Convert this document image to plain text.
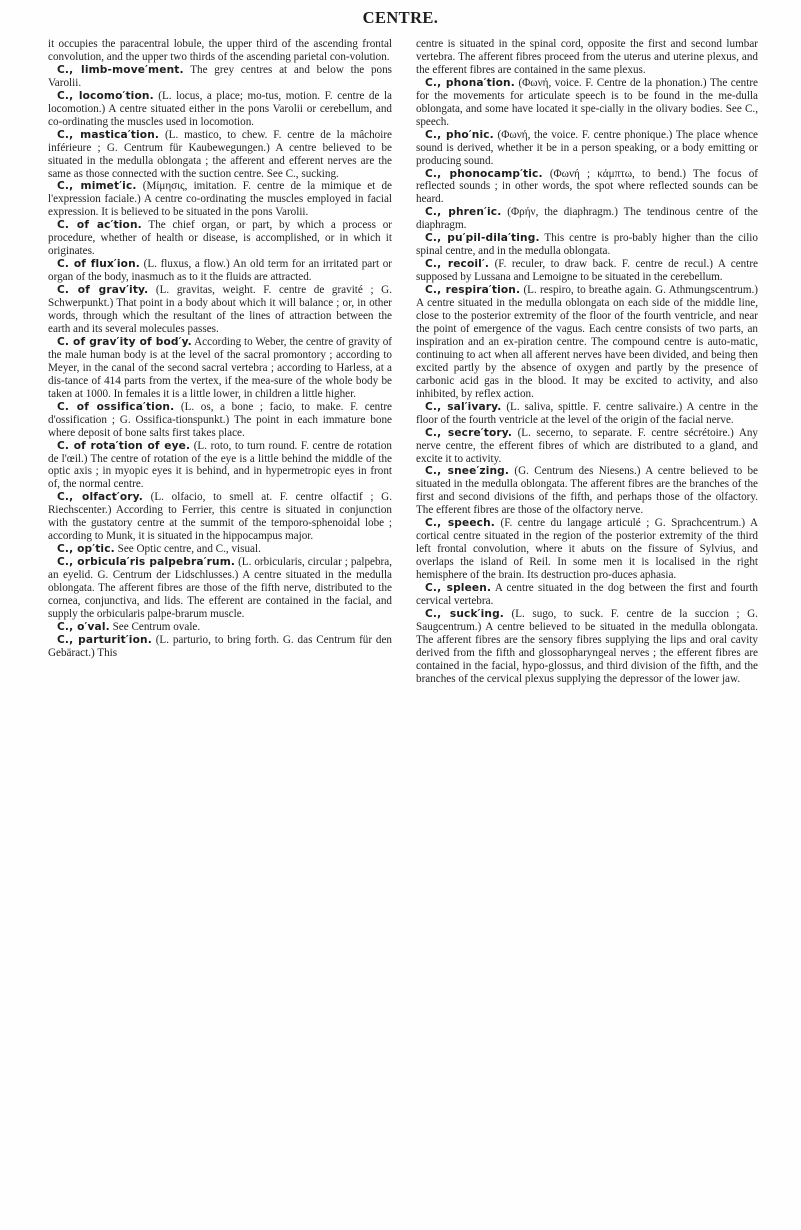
CENTRE.

it occupies the paracentral lobule, the upper third of the ascending frontal convolution, and the upper two thirds of the ascending parietal con-volution.

C., limb-move′ment. The grey centres at and below the pons Varolii.

C., locomo′tion. (L. locus, a place; mo-tus, motion. F. centre de la locomotion.) A centre situated either in the pons Varolii or cerebellum, and co-ordinating the muscles used in locomotion.

C., mastica′tion. (L. mastico, to chew. F. centre de la mâchoire inférieure ; G. Centrum für Kaubewegungen.) A centre believed to be situated in the medulla oblongata ; the afferent and efferent nerves are the same as those connected with the suction centre. See C., sucking.

C., mimet′ic. (Μίμησις, imitation. F. centre de la mimique et de l'expression faciale.) A centre co-ordinating the muscles employed in facial expression. It is believed to be situated in the pons Varolii.

C. of ac′tion. The chief organ, or part, by which a process or procedure, whether of health or disease, is accomplished, or in which it originates.

C. of flux′ion. (L. fluxus, a flow.) An old term for an irritated part or organ of the body, inasmuch as to it the fluids are attracted.

C. of grav′ity. (L. gravitas, weight. F. centre de gravité ; G. Schwerpunkt.) That point in a body about which it will balance ; or, in other words, through which the resultant of the lines of attraction between the earth and its several molecules passes.

C. of grav′ity of bod′y. According to Weber, the centre of gravity of the male human body is at the level of the sacral promontory ; according to Meyer, in the canal of the second sacral vertebra ; according to Harless, at a dis-tance of 414 parts from the vertex, if the mea-sure of the whole body be taken at 1000. In females it is a little lower, in children a little higher.

C. of ossifica′tion. (L. os, a bone ; facio, to make. F. centre d'ossification ; G. Ossifica-tionspunkt.) The point in each immature bone where deposit of bone salts first takes place.

C. of rota′tion of eye. (L. roto, to turn round. F. centre de rotation de l'œil.) The centre of rotation of the eye is a little behind the middle of the optic axis ; in myopic eyes it is behind, and in hypermetropic eyes in front of, the normal centre.

C., olfact′ory. (L. olfacio, to smell at. F. centre olfactif ; G. Riechscenter.) According to Ferrier, this centre is situated in conjunction with the gustatory centre at the summit of the temporo-sphenoidal lobe ; according to Munk, it is situated in the hippocampus major.

C., op′tic. See Optic centre, and C., visual.

C., orbicula′ris palpebra′rum. (L. orbicularis, circular ; palpebra, an eyelid. G. Centrum der Lidschlusses.) A centre situated in the medulla oblongata. The afferent fibres are those of the fifth nerve, distributed to the cornea, conjunctiva, and lids. The efferent are contained in the facial, and supply the orbicularis palpe-brarum muscle.

C., o′val. See Centrum ovale.

C., parturit′ion. (L. parturio, to bring forth. G. das Centrum für den Gebäract.) This

centre is situated in the spinal cord, opposite the first and second lumbar vertebra. The afferent fibres proceed from the uterus and uterine plexus, and the efferent fibres are contained in the same plexus.

C., phona′tion. (Φωνή, voice. F. Centre de la phonation.) The centre for the movements for articulate speech is to be found in the me-dulla oblongata, and some have located it spe-cially in the olivary bodies. See C., speech.

C., pho′nic. (Φωνή, the voice. F. centre phonique.) The place whence sound is derived, whether it be in a person speaking, or a body emitting or producing sound.

C., phonocamp′tic. (Φωνή ; κάμπτω, to bend.) The focus of reflected sounds ; in other words, the spot where reflected sounds can be heard.

C., phren′ic. (Φρήν, the diaphragm.) The tendinous centre of the diaphragm.

C., pu′pil-dila′ting. This centre is pro-bably higher than the cilio spinal centre, and in the medulla oblongata.

C., recoil′. (F. reculer, to draw back. F. centre de recul.) A centre supposed by Lussana and Lemoigne to be situated in the cerebellum.

C., respira′tion. (L. respiro, to breathe again. G. Athmungscentrum.) A centre situated in the medulla oblongata on each side of the middle line, close to the posterior extremity of the floor of the fourth ventricle, and near the point of emergence of the vagus. Each centre consists of two parts, an inspiration and an ex-piration centre. The compound centre is auto-matic, continuing to act when all afferent nerves have been divided, and being then excited partly by the absence of oxygen and partly by the presence of carbonic acid gas in the blood. It may be excited to activity, and also inhibited, by reflex action.

C., sal′ivary. (L. saliva, spittle. F. centre salivaire.) A centre in the floor of the fourth ventricle at the level of the origin of the facial nerve.

C., secre′tory. (L. secerno, to separate. F. centre sécrétoire.) Any nerve centre, the efferent fibres of which are distributed to a gland, and excite it to activity.

C., snee′zing. (G. Centrum des Niesens.) A centre believed to be situated in the medulla oblongata. The afferent fibres are the branches of the first and second divisions of the fifth, and perhaps those of the olfactory. The efferent fibres are those of the olfactory nerve.

C., speech. (F. centre du langage articulé ; G. Sprachcentrum.) A cortical centre situated in the region of the posterior extremity of the third left frontal convolution, where it abuts on the fissure of Sylvius, and overlaps the island of Reil. In some men it is localised in the right hemisphere of the brain. Its destruction pro-duces aphasia.

C., spleen. A centre situated in the dog between the first and fourth cervical vertebra.

C., suck′ing. (L. sugo, to suck. F. centre de la succion ; G. Saugcentrum.) A centre believed to be situated in the medulla oblongata. The afferent fibres are the sensory fibres supplying the lips and oral cavity derived from the fifth and glossopharyngeal nerves ; the efferent fibres are contained in the facial, hypo-glossus, and third division of the fifth, and the branches of the cervical plexus supplying the depressor of the lower jaw.
